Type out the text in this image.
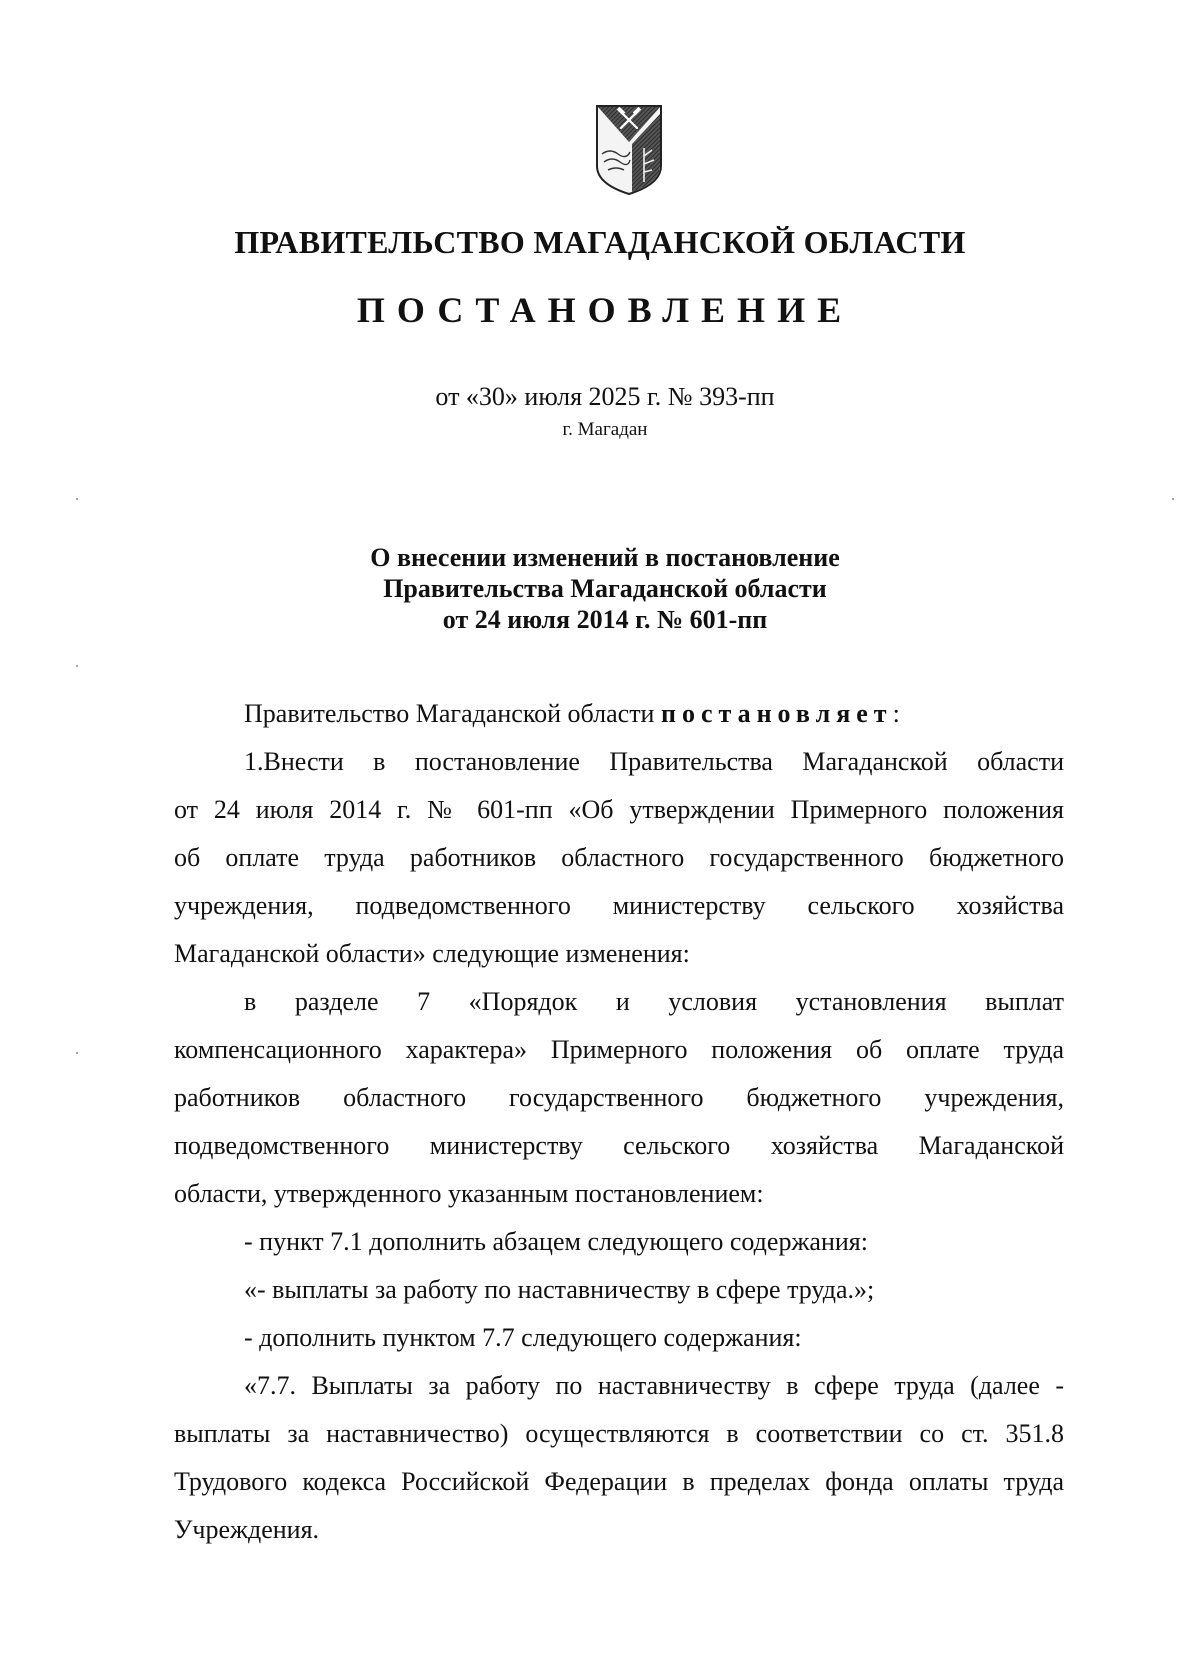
ПРАВИТЕЛЬСТВО МАГАДАНСКОЙ ОБЛАСТИ
ПОСТАНОВЛЕНИЕ
от «30» июля 2025 г. № 393-пп
г. Магадан
О внесении изменений в постановление
Правительства Магаданской области
от 24 июля 2014 г. № 601-пп
Правительство Магаданской области постановляет:
1.Внести в постановление Правительства Магаданской области
от 24 июля 2014 г. № 601-пп «Об утверждении Примерного положения
об оплате труда работников областного государственного бюджетного
учреждения, подведомственного министерству сельского хозяйства
Магаданской области» следующие изменения:
в разделе 7 «Порядок и условия установления выплат
компенсационного характера» Примерного положения об оплате труда
работников областного государственного бюджетного учреждения,
подведомственного министерству сельского хозяйства Магаданской
области, утвержденного указанным постановлением:
- пункт 7.1 дополнить абзацем следующего содержания:
«- выплаты за работу по наставничеству в сфере труда.»;
- дополнить пунктом 7.7 следующего содержания:
«7.7. Выплаты за работу по наставничеству в сфере труда (далее -
выплаты за наставничество) осуществляются в соответствии со ст. 351.8
Трудового кодекса Российской Федерации в пределах фонда оплаты труда
Учреждения.
